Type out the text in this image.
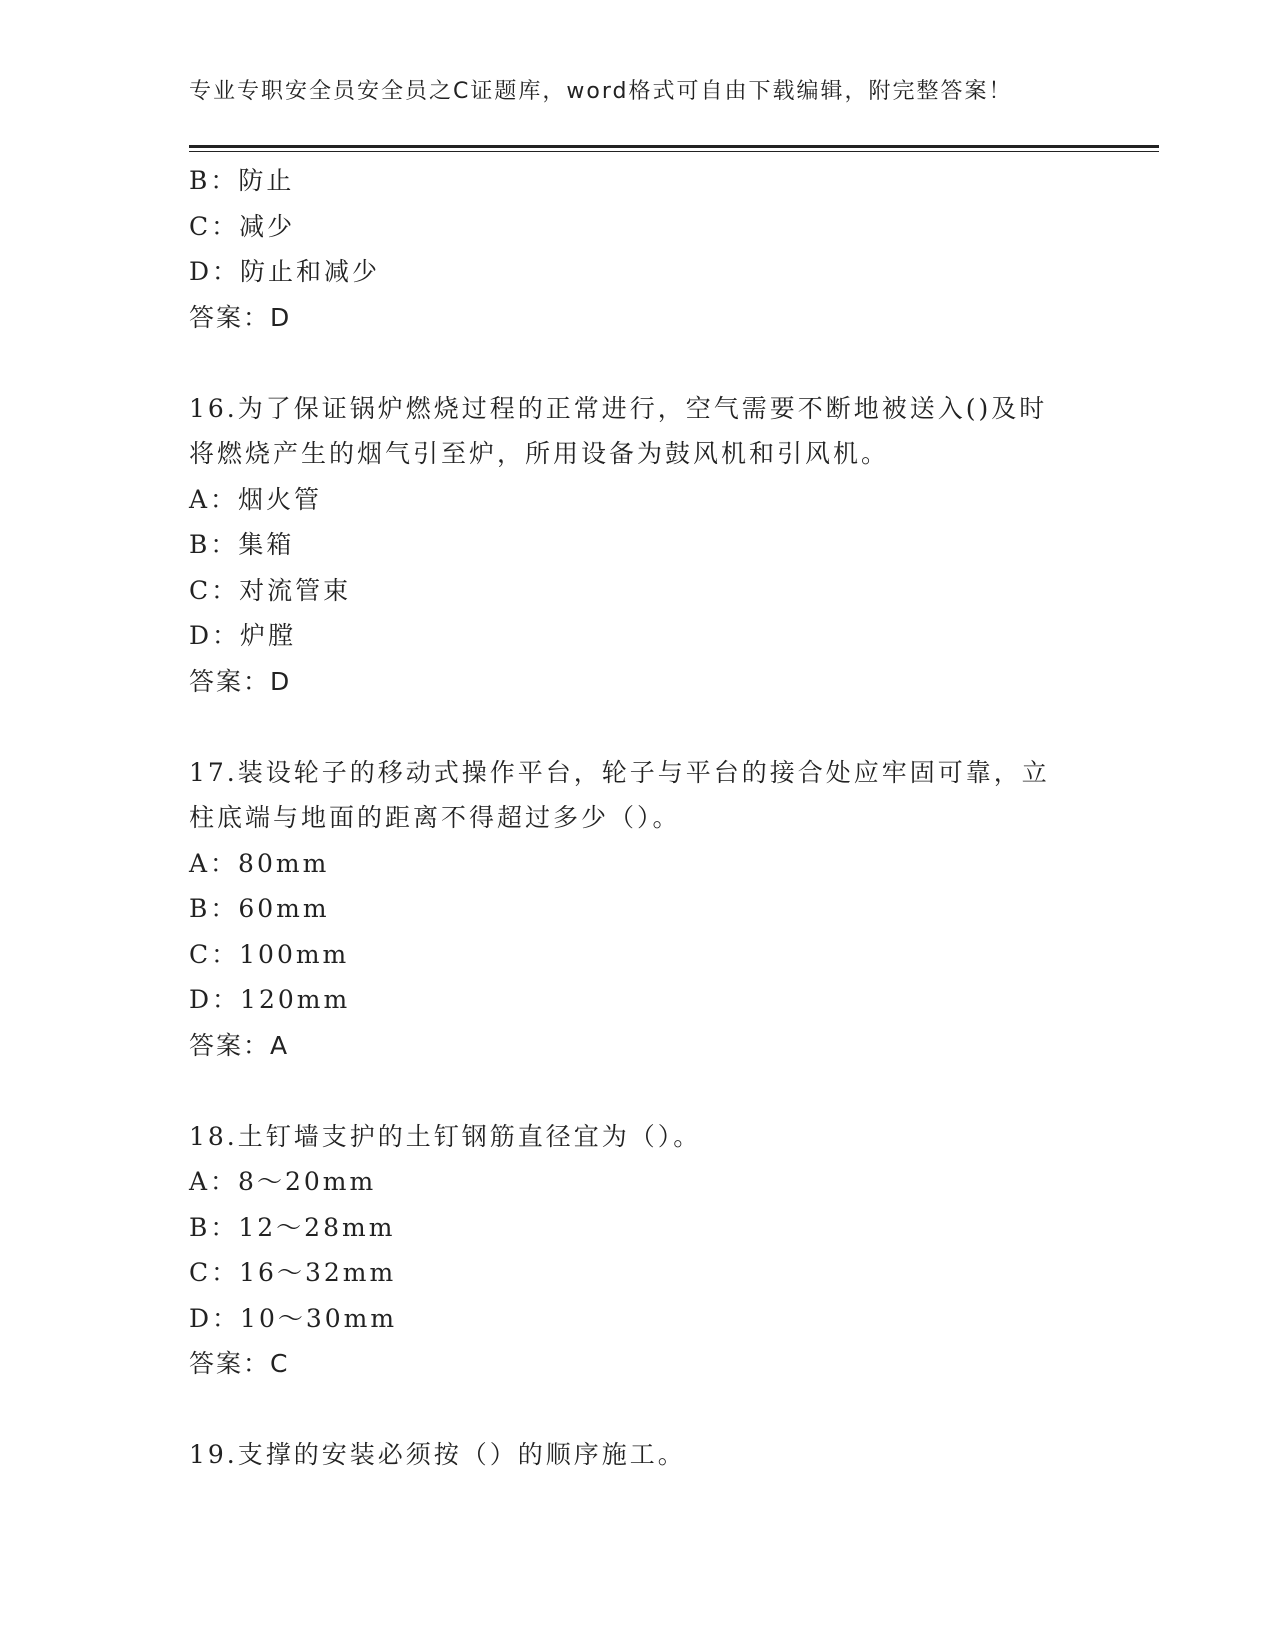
专业专职安全员安全员之C证题库，word格式可自由下载编辑，附完整答案！
B：防止
C：减少
D：防止和减少
答案：D
16.为了保证锅炉燃烧过程的正常进行，空气需要不断地被送入()及时
将燃烧产生的烟气引至炉，所用设备为鼓风机和引风机。
A：烟火管
B：集箱
C：对流管束
D：炉膛
答案：D
17.装设轮子的移动式操作平台，轮子与平台的接合处应牢固可靠，立
柱底端与地面的距离不得超过多少（）。
A：80mm
B：60mm
C：100mm
D：120mm
答案：A
18.土钉墙支护的土钉钢筋直径宜为（）。
A：8～20mm
B：12～28mm
C：16～32mm
D：10～30mm
答案：C
19.支撑的安装必须按（）的顺序施工。
